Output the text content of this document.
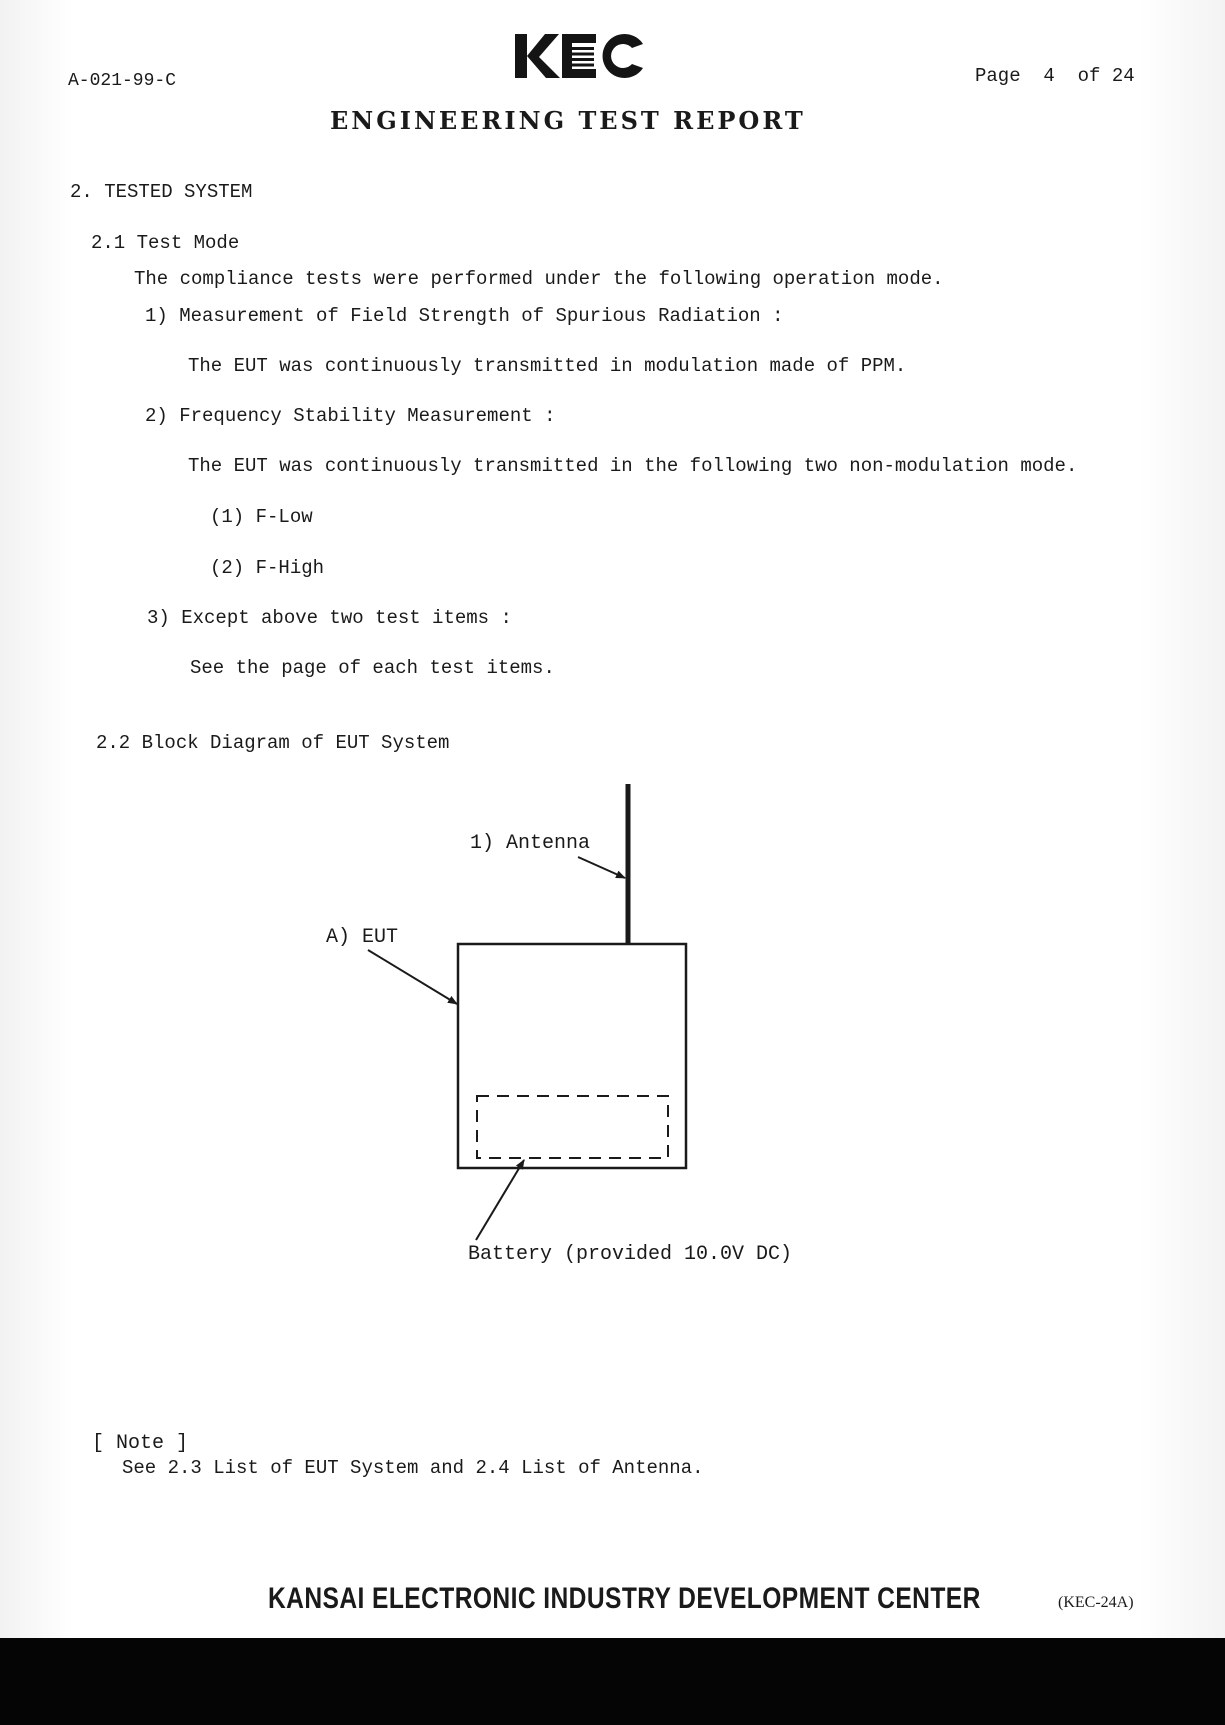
A-021-99-C	Page  4  of 24
ENGINEERING TEST REPORT
2. TESTED SYSTEM
2.1 Test Mode
The compliance tests were performed under the following operation mode.
1) Measurement of Field Strength of Spurious Radiation :
The EUT was continuously transmitted in modulation made of PPM.
2) Frequency Stability Measurement :
The EUT was continuously transmitted in the following two non-modulation mode.
(1) F-Low
(2) F-High
3) Except above two test items :
See the page of each test items.
2.2 Block Diagram of EUT System
1) Antenna
A) EUT
Battery (provided 10.0V DC)
[ Note ]
See 2.3 List of EUT System and 2.4 List of Antenna.
KANSAI ELECTRONIC INDUSTRY DEVELOPMENT CENTER	(KEC-24A)
